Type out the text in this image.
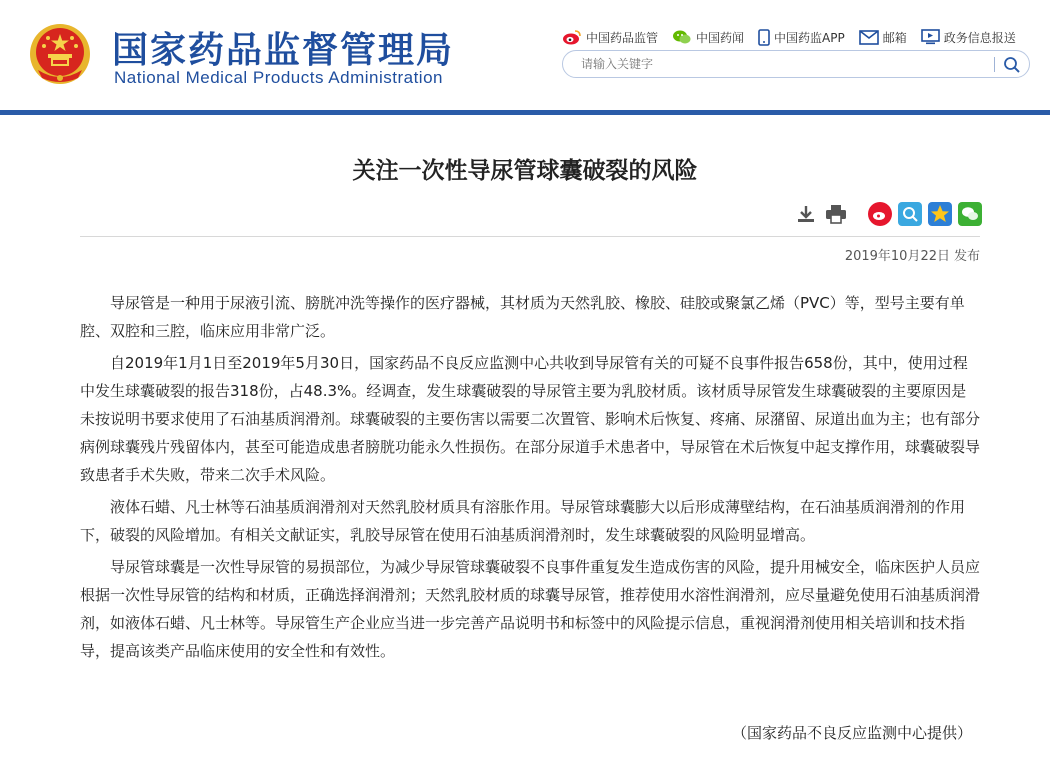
国家药品监督管理局
National Medical Products Administration
中国药品监管	中国药闻	中国药监APP	邮箱	政务信息报送
请输入关键字
关注一次性导尿管球囊破裂的风险
2019年10月22日 发布

导尿管是一种用于尿液引流、膀胱冲洗等操作的医疗器械，其材质为天然乳胶、橡胶、硅胶或聚氯乙烯（PVC）等，型号主要有单腔、双腔和三腔，临床应用非常广泛。

自2019年1月1日至2019年5月30日，国家药品不良反应监测中心共收到导尿管有关的可疑不良事件报告658份，其中，使用过程中发生球囊破裂的报告318份，占48.3%。经调查，发生球囊破裂的导尿管主要为乳胶材质。该材质导尿管发生球囊破裂的主要原因是未按说明书要求使用了石油基质润滑剂。球囊破裂的主要伤害以需要二次置管、影响术后恢复、疼痛、尿潴留、尿道出血为主；也有部分病例球囊残片残留体内，甚至可能造成患者膀胱功能永久性损伤。在部分尿道手术患者中，导尿管在术后恢复中起支撑作用，球囊破裂导致患者手术失败，带来二次手术风险。

液体石蜡、凡士林等石油基质润滑剂对天然乳胶材质具有溶胀作用。导尿管球囊膨大以后形成薄壁结构，在石油基质润滑剂的作用下，破裂的风险增加。有相关文献证实，乳胶导尿管在使用石油基质润滑剂时，发生球囊破裂的风险明显增高。

导尿管球囊是一次性导尿管的易损部位，为减少导尿管球囊破裂不良事件重复发生造成伤害的风险，提升用械安全，临床医护人员应根据一次性导尿管的结构和材质，正确选择润滑剂；天然乳胶材质的球囊导尿管，推荐使用水溶性润滑剂，应尽量避免使用石油基质润滑剂，如液体石蜡、凡士林等。导尿管生产企业应当进一步完善产品说明书和标签中的风险提示信息，重视润滑剂使用相关培训和技术指导，提高该类产品临床使用的安全性和有效性。

（国家药品不良反应监测中心提供）
